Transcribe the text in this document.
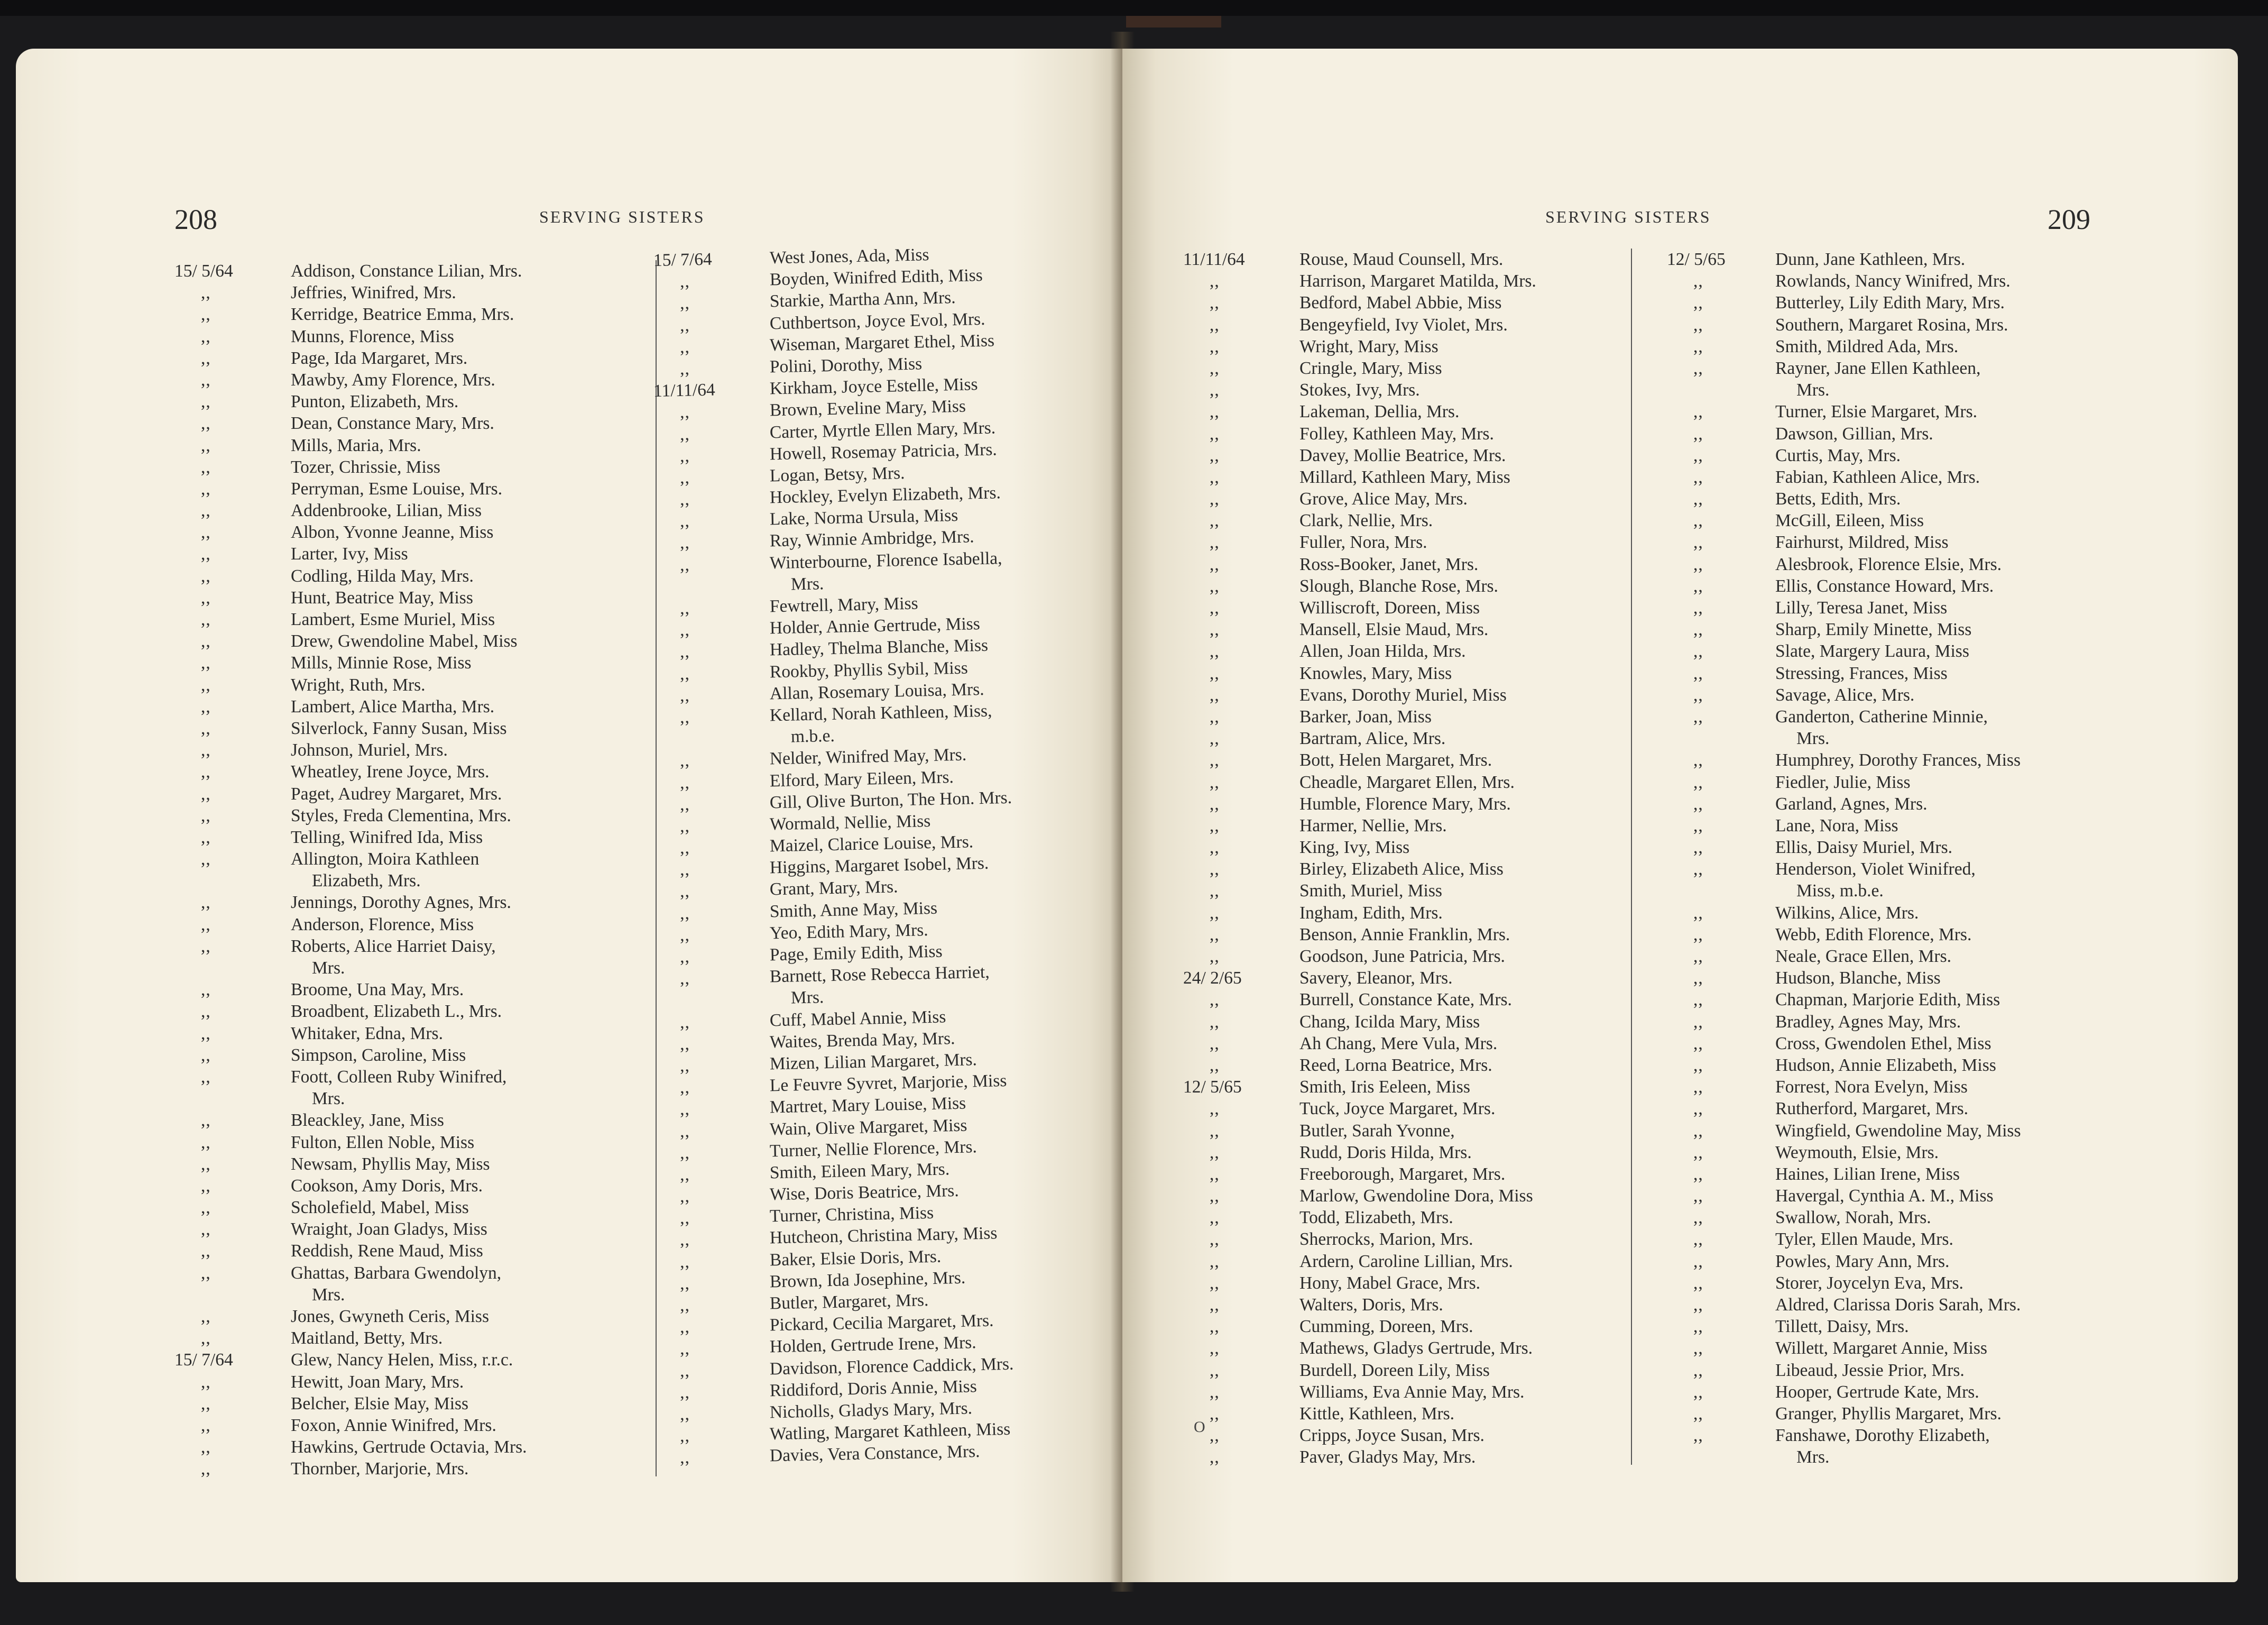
208	SERVING SISTERS
15/ 5/64	Addison, Constance Lilian, Mrs.
,,	Jeffries, Winifred, Mrs.
,,	Kerridge, Beatrice Emma, Mrs.
,,	Munns, Florence, Miss
,,	Page, Ida Margaret, Mrs.
,,	Mawby, Amy Florence, Mrs.
,,	Punton, Elizabeth, Mrs.
,,	Dean, Constance Mary, Mrs.
,,	Mills, Maria, Mrs.
,,	Tozer, Chrissie, Miss
,,	Perryman, Esme Louise, Mrs.
,,	Addenbrooke, Lilian, Miss
,,	Albon, Yvonne Jeanne, Miss
,,	Larter, Ivy, Miss
,,	Codling, Hilda May, Mrs.
,,	Hunt, Beatrice May, Miss
,,	Lambert, Esme Muriel, Miss
,,	Drew, Gwendoline Mabel, Miss
,,	Mills, Minnie Rose, Miss
,,	Wright, Ruth, Mrs.
,,	Lambert, Alice Martha, Mrs.
,,	Silverlock, Fanny Susan, Miss
,,	Johnson, Muriel, Mrs.
,,	Wheatley, Irene Joyce, Mrs.
,,	Paget, Audrey Margaret, Mrs.
,,	Styles, Freda Clementina, Mrs.
,,	Telling, Winifred Ida, Miss
,,	Allington, Moira Kathleen
Elizabeth, Mrs.
,,	Jennings, Dorothy Agnes, Mrs.
,,	Anderson, Florence, Miss
,,	Roberts, Alice Harriet Daisy,
Mrs.
,,	Broome, Una May, Mrs.
,,	Broadbent, Elizabeth L., Mrs.
,,	Whitaker, Edna, Mrs.
,,	Simpson, Caroline, Miss
,,	Foott, Colleen Ruby Winifred,
Mrs.
,,	Bleackley, Jane, Miss
,,	Fulton, Ellen Noble, Miss
,,	Newsam, Phyllis May, Miss
,,	Cookson, Amy Doris, Mrs.
,,	Scholefield, Mabel, Miss
,,	Wraight, Joan Gladys, Miss
,,	Reddish, Rene Maud, Miss
,,	Ghattas, Barbara Gwendolyn,
Mrs.
,,	Jones, Gwyneth Ceris, Miss
,,	Maitland, Betty, Mrs.
15/ 7/64	Glew, Nancy Helen, Miss, r.r.c.
,,	Hewitt, Joan Mary, Mrs.
,,	Belcher, Elsie May, Miss
,,	Foxon, Annie Winifred, Mrs.
,,	Hawkins, Gertrude Octavia, Mrs.
,,	Thornber, Marjorie, Mrs.
15/ 7/64	West Jones, Ada, Miss
,,	Boyden, Winifred Edith, Miss
,,	Starkie, Martha Ann, Mrs.
,,	Cuthbertson, Joyce Evol, Mrs.
,,	Wiseman, Margaret Ethel, Miss
,,	Polini, Dorothy, Miss
11/11/64	Kirkham, Joyce Estelle, Miss
,,	Brown, Eveline Mary, Miss
,,	Carter, Myrtle Ellen Mary, Mrs.
,,	Howell, Rosemay Patricia, Mrs.
,,	Logan, Betsy, Mrs.
,,	Hockley, Evelyn Elizabeth, Mrs.
,,	Lake, Norma Ursula, Miss
,,	Ray, Winnie Ambridge, Mrs.
,,	Winterbourne, Florence Isabella,
Mrs.
,,	Fewtrell, Mary, Miss
,,	Holder, Annie Gertrude, Miss
,,	Hadley, Thelma Blanche, Miss
,,	Rookby, Phyllis Sybil, Miss
,,	Allan, Rosemary Louisa, Mrs.
,,	Kellard, Norah Kathleen, Miss,
m.b.e.
,,	Nelder, Winifred May, Mrs.
,,	Elford, Mary Eileen, Mrs.
,,	Gill, Olive Burton, The Hon. Mrs.
,,	Wormald, Nellie, Miss
,,	Maizel, Clarice Louise, Mrs.
,,	Higgins, Margaret Isobel, Mrs.
,,	Grant, Mary, Mrs.
,,	Smith, Anne May, Miss
,,	Yeo, Edith Mary, Mrs.
,,	Page, Emily Edith, Miss
,,	Barnett, Rose Rebecca Harriet,
Mrs.
,,	Cuff, Mabel Annie, Miss
,,	Waites, Brenda May, Mrs.
,,	Mizen, Lilian Margaret, Mrs.
,,	Le Feuvre Syvret, Marjorie, Miss
,,	Martret, Mary Louise, Miss
,,	Wain, Olive Margaret, Miss
,,	Turner, Nellie Florence, Mrs.
,,	Smith, Eileen Mary, Mrs.
,,	Wise, Doris Beatrice, Mrs.
,,	Turner, Christina, Miss
,,	Hutcheon, Christina Mary, Miss
,,	Baker, Elsie Doris, Mrs.
,,	Brown, Ida Josephine, Mrs.
,,	Butler, Margaret, Mrs.
,,	Pickard, Cecilia Margaret, Mrs.
,,	Holden, Gertrude Irene, Mrs.
,,	Davidson, Florence Caddick, Mrs.
,,	Riddiford, Doris Annie, Miss
,,	Nicholls, Gladys Mary, Mrs.
,,	Watling, Margaret Kathleen, Miss
,,	Davies, Vera Constance, Mrs.
SERVING SISTERS	209
11/11/64	Rouse, Maud Counsell, Mrs.
,,	Harrison, Margaret Matilda, Mrs.
,,	Bedford, Mabel Abbie, Miss
,,	Bengeyfield, Ivy Violet, Mrs.
,,	Wright, Mary, Miss
,,	Cringle, Mary, Miss
,,	Stokes, Ivy, Mrs.
,,	Lakeman, Dellia, Mrs.
,,	Folley, Kathleen May, Mrs.
,,	Davey, Mollie Beatrice, Mrs.
,,	Millard, Kathleen Mary, Miss
,,	Grove, Alice May, Mrs.
,,	Clark, Nellie, Mrs.
,,	Fuller, Nora, Mrs.
,,	Ross-Booker, Janet, Mrs.
,,	Slough, Blanche Rose, Mrs.
,,	Williscroft, Doreen, Miss
,,	Mansell, Elsie Maud, Mrs.
,,	Allen, Joan Hilda, Mrs.
,,	Knowles, Mary, Miss
,,	Evans, Dorothy Muriel, Miss
,,	Barker, Joan, Miss
,,	Bartram, Alice, Mrs.
,,	Bott, Helen Margaret, Mrs.
,,	Cheadle, Margaret Ellen, Mrs.
,,	Humble, Florence Mary, Mrs.
,,	Harmer, Nellie, Mrs.
,,	King, Ivy, Miss
,,	Birley, Elizabeth Alice, Miss
,,	Smith, Muriel, Miss
,,	Ingham, Edith, Mrs.
,,	Benson, Annie Franklin, Mrs.
,,	Goodson, June Patricia, Mrs.
24/ 2/65	Savery, Eleanor, Mrs.
,,	Burrell, Constance Kate, Mrs.
,,	Chang, Icilda Mary, Miss
,,	Ah Chang, Mere Vula, Mrs.
,,	Reed, Lorna Beatrice, Mrs.
12/ 5/65	Smith, Iris Eeleen, Miss
,,	Tuck, Joyce Margaret, Mrs.
,,	Butler, Sarah Yvonne,
,,	Rudd, Doris Hilda, Mrs.
,,	Freeborough, Margaret, Mrs.
,,	Marlow, Gwendoline Dora, Miss
,,	Todd, Elizabeth, Mrs.
,,	Sherrocks, Marion, Mrs.
,,	Ardern, Caroline Lillian, Mrs.
,,	Hony, Mabel Grace, Mrs.
,,	Walters, Doris, Mrs.
,,	Cumming, Doreen, Mrs.
,,	Mathews, Gladys Gertrude, Mrs.
,,	Burdell, Doreen Lily, Miss
,,	Williams, Eva Annie May, Mrs.
,,	Kittle, Kathleen, Mrs.
,,	Cripps, Joyce Susan, Mrs.
,,	Paver, Gladys May, Mrs.
12/ 5/65	Dunn, Jane Kathleen, Mrs.
,,	Rowlands, Nancy Winifred, Mrs.
,,	Butterley, Lily Edith Mary, Mrs.
,,	Southern, Margaret Rosina, Mrs.
,,	Smith, Mildred Ada, Mrs.
,,	Rayner, Jane Ellen Kathleen,
Mrs.
,,	Turner, Elsie Margaret, Mrs.
,,	Dawson, Gillian, Mrs.
,,	Curtis, May, Mrs.
,,	Fabian, Kathleen Alice, Mrs.
,,	Betts, Edith, Mrs.
,,	McGill, Eileen, Miss
,,	Fairhurst, Mildred, Miss
,,	Alesbrook, Florence Elsie, Mrs.
,,	Ellis, Constance Howard, Mrs.
,,	Lilly, Teresa Janet, Miss
,,	Sharp, Emily Minette, Miss
,,	Slate, Margery Laura, Miss
,,	Stressing, Frances, Miss
,,	Savage, Alice, Mrs.
,,	Ganderton, Catherine Minnie,
Mrs.
,,	Humphrey, Dorothy Frances, Miss
,,	Fiedler, Julie, Miss
,,	Garland, Agnes, Mrs.
,,	Lane, Nora, Miss
,,	Ellis, Daisy Muriel, Mrs.
,,	Henderson, Violet Winifred,
Miss, m.b.e.
,,	Wilkins, Alice, Mrs.
,,	Webb, Edith Florence, Mrs.
,,	Neale, Grace Ellen, Mrs.
,,	Hudson, Blanche, Miss
,,	Chapman, Marjorie Edith, Miss
,,	Bradley, Agnes May, Mrs.
,,	Cross, Gwendolen Ethel, Miss
,,	Hudson, Annie Elizabeth, Miss
,,	Forrest, Nora Evelyn, Miss
,,	Rutherford, Margaret, Mrs.
,,	Wingfield, Gwendoline May, Miss
,,	Weymouth, Elsie, Mrs.
,,	Haines, Lilian Irene, Miss
,,	Havergal, Cynthia A. M., Miss
,,	Swallow, Norah, Mrs.
,,	Tyler, Ellen Maude, Mrs.
,,	Powles, Mary Ann, Mrs.
,,	Storer, Joycelyn Eva, Mrs.
,,	Aldred, Clarissa Doris Sarah, Mrs.
,,	Tillett, Daisy, Mrs.
,,	Willett, Margaret Annie, Miss
,,	Libeaud, Jessie Prior, Mrs.
,,	Hooper, Gertrude Kate, Mrs.
,,	Granger, Phyllis Margaret, Mrs.
,,	Fanshawe, Dorothy Elizabeth,
Mrs.
O
